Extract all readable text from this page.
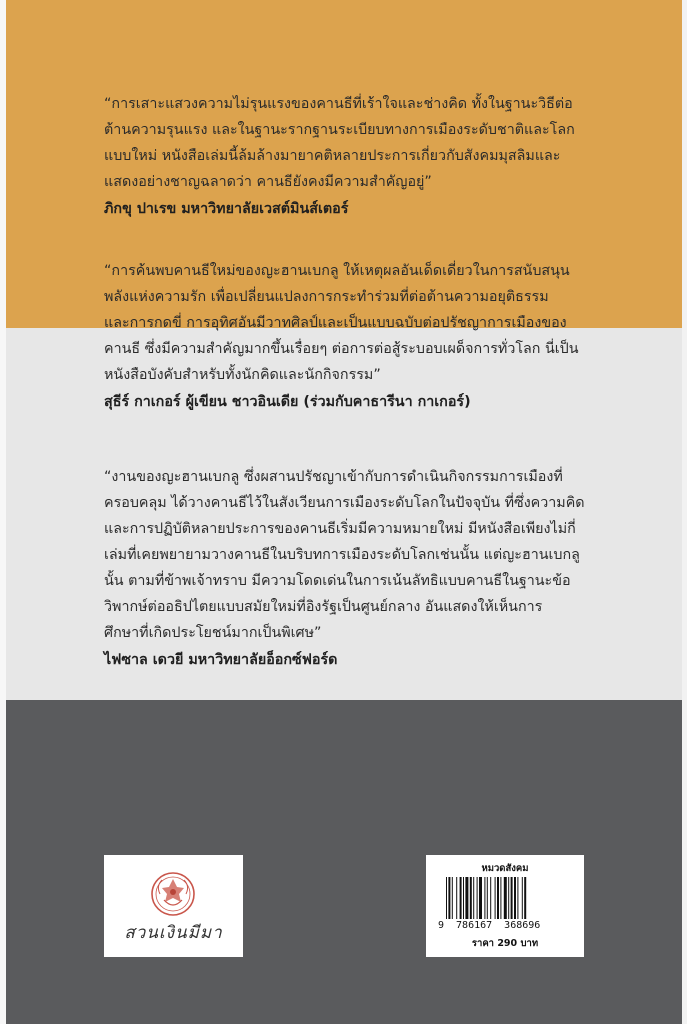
“การเสาะแสวงความไม่รุนแรงของคานธีที่เร้าใจและช่างคิด ทั้งในฐานะวิธีต่อ

ต้านความรุนแรง และในฐานะรากฐานระเบียบทางการเมืองระดับชาติและโลก

แบบใหม่ หนังสือเล่มนี้ล้มล้างมายาคติหลายประการเกี่ยวกับสังคมมุสลิมและ

แสดงอย่างชาญฉลาดว่า คานธียังคงมีความสำคัญอยู่”

ภิกขุ ปาเรข มหาวิทยาลัยเวสต์มินส์เตอร์

“การค้นพบคานธีใหม่ของญะฮานเบกลู ให้เหตุผลอันเด็ดเดี่ยวในการสนับสนุน

พลังแห่งความรัก เพื่อเปลี่ยนแปลงการกระทำร่วมที่ต่อต้านความอยุติธรรม

และการกดขี่ การอุทิศอันมีวาทศิลป์และเป็นแบบฉบับต่อปรัชญาการเมืองของ

คานธี ซึ่งมีความสำคัญมากขึ้นเรื่อยๆ ต่อการต่อสู้ระบอบเผด็จการทั่วโลก นี่เป็น

หนังสือบังคับสำหรับทั้งนักคิดและนักกิจกรรม”

สุธีร์ กาเกอร์ ผู้เขียน ชาวอินเดีย (ร่วมกับคาธารีนา กาเกอร์)

“งานของญะฮานเบกลู ซึ่งผสานปรัชญาเข้ากับการดำเนินกิจกรรมการเมืองที่

ครอบคลุม ได้วางคานธีไว้ในสังเวียนการเมืองระดับโลกในปัจจุบัน ที่ซึ่งความคิด

และการปฏิบัติหลายประการของคานธีเริ่มมีความหมายใหม่ มีหนังสือเพียงไม่กี่

เล่มที่เคยพยายามวางคานธีในบริบทการเมืองระดับโลกเช่นนั้น แต่ญะฮานเบกลู

นั้น ตามที่ข้าพเจ้าทราบ มีความโดดเด่นในการเน้นลัทธิแบบคานธีในฐานะข้อ

วิพากษ์ต่ออธิปไตยแบบสมัยใหม่ที่อิงรัฐเป็นศูนย์กลาง อันแสดงให้เห็นการ

ศึกษาที่เกิดประโยชน์มากเป็นพิเศษ”

ไฟซาล เดวยี มหาวิทยาลัยอ็อกซ์ฟอร์ด

สวนเงินมีมา
หมวดสังคม
9 786167 368696
ราคา 290 บาท
